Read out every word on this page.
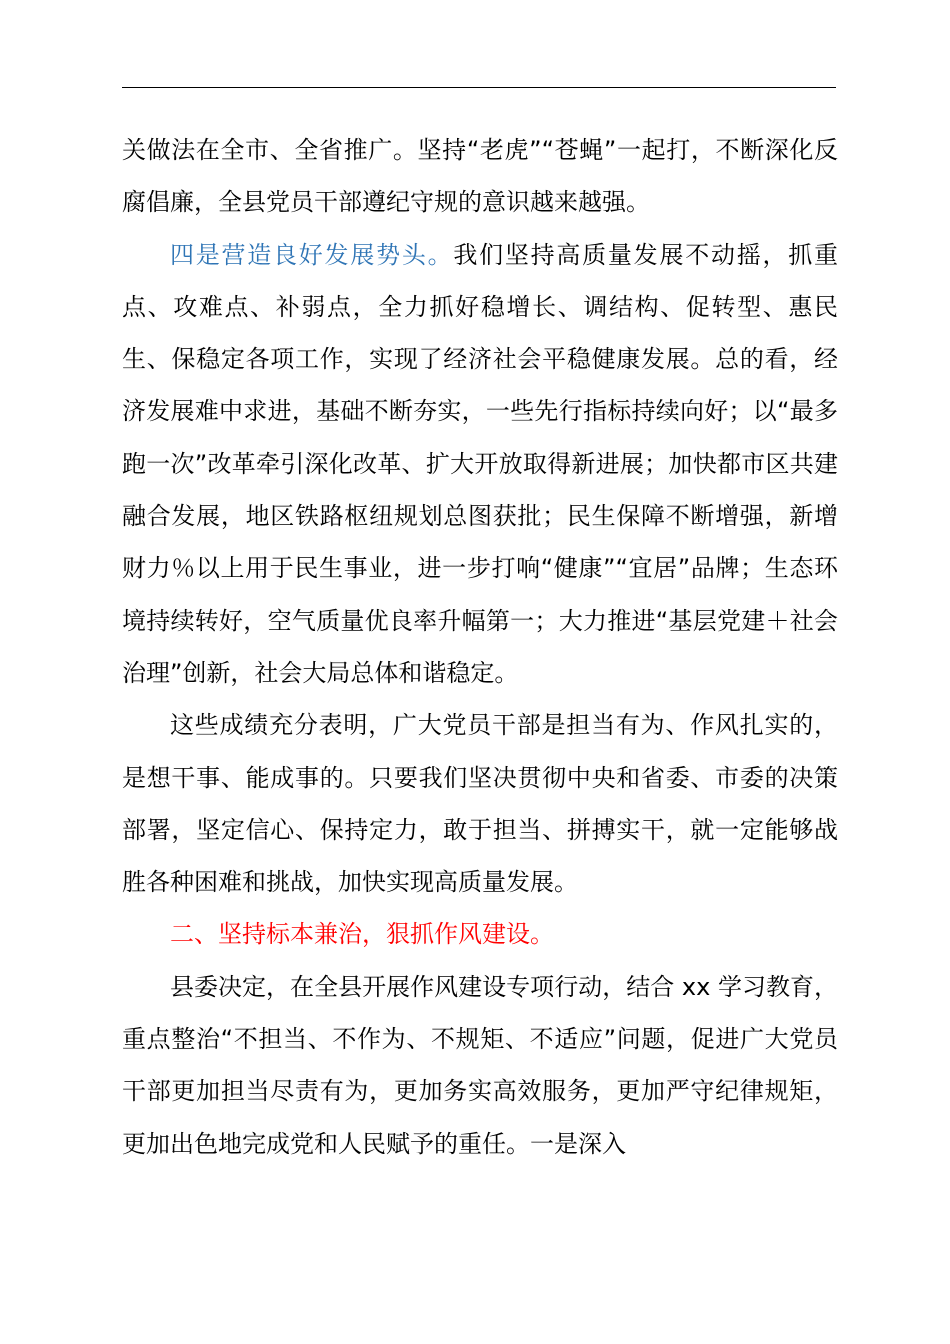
关做法在全市、全省推广。坚持“老虎”“苍蝇”一起打，不断深化反腐倡廉，全县党员干部遵纪守规的意识越来越强。

四是营造良好发展势头。我们坚持高质量发展不动摇，抓重点、攻难点、补弱点，全力抓好稳增长、调结构、促转型、惠民生、保稳定各项工作，实现了经济社会平稳健康发展。总的看，经济发展难中求进，基础不断夯实，一些先行指标持续向好；以“最多跑一次”改革牵引深化改革、扩大开放取得新进展；加快都市区共建融合发展，地区铁路枢纽规划总图获批；民生保障不断增强，新增财力％以上用于民生事业，进一步打响“健康”“宜居”品牌；生态环境持续转好，空气质量优良率升幅第一；大力推进“基层党建＋社会治理”创新，社会大局总体和谐稳定。

这些成绩充分表明，广大党员干部是担当有为、作风扎实的，是想干事、能成事的。只要我们坚决贯彻中央和省委、市委的决策部署，坚定信心、保持定力，敢于担当、拼搏实干，就一定能够战胜各种困难和挑战，加快实现高质量发展。

二、坚持标本兼治，狠抓作风建设。

县委决定，在全县开展作风建设专项行动，结合 xx 学习教育，重点整治“不担当、不作为、不规矩、不适应”问题，促进广大党员干部更加担当尽责有为，更加务实高效服务，更加严守纪律规矩，更加出色地完成党和人民赋予的重任。一是深入
